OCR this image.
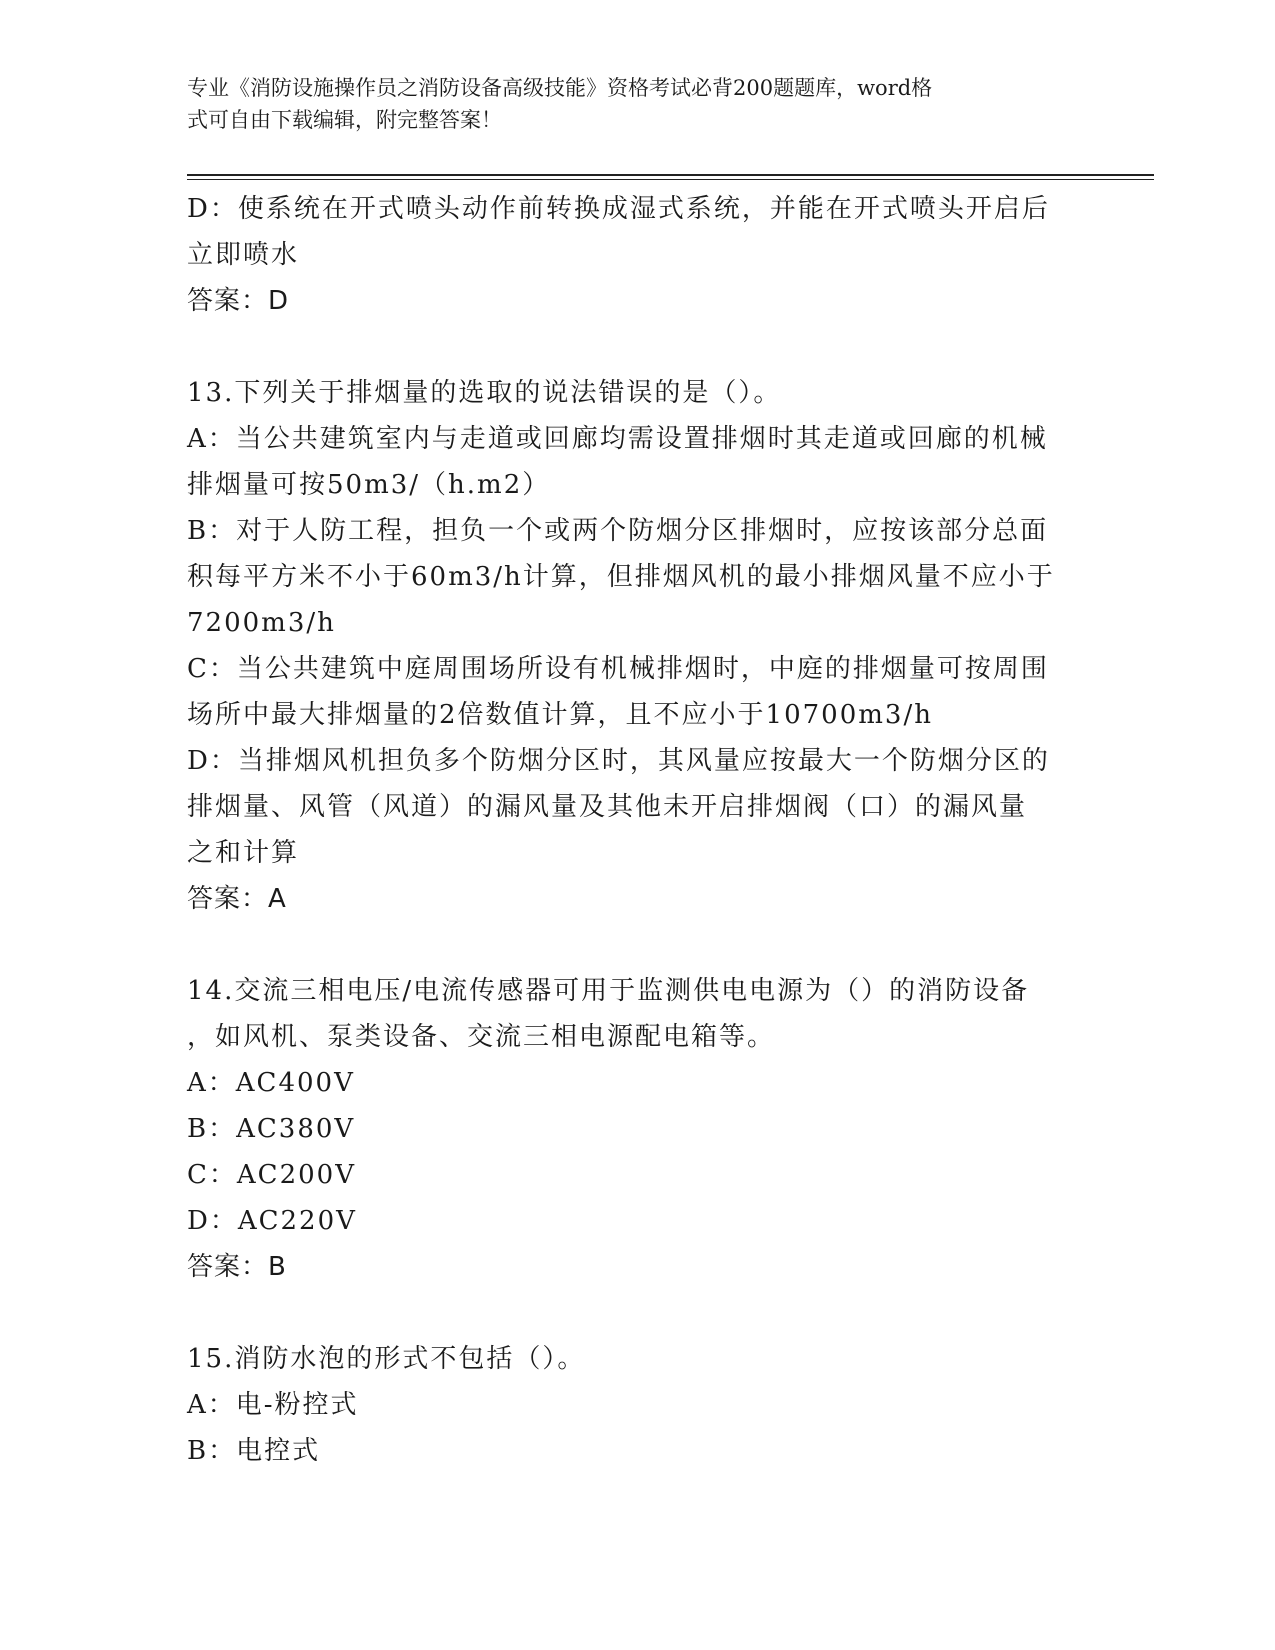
专业《消防设施操作员之消防设备高级技能》资格考试必背200题题库，word格
式可自由下载编辑，附完整答案！
D：使系统在开式喷头动作前转换成湿式系统，并能在开式喷头开启后
立即喷水
答案：D
13.下列关于排烟量的选取的说法错误的是（）。
A：当公共建筑室内与走道或回廊均需设置排烟时其走道或回廊的机械
排烟量可按50m3/（h.m2）
B：对于人防工程，担负一个或两个防烟分区排烟时，应按该部分总面
积每平方米不小于60m3/h计算，但排烟风机的最小排烟风量不应小于
7200m3/h
C：当公共建筑中庭周围场所设有机械排烟时，中庭的排烟量可按周围
场所中最大排烟量的2倍数值计算，且不应小于10700m3/h
D：当排烟风机担负多个防烟分区时，其风量应按最大一个防烟分区的
排烟量、风管（风道）的漏风量及其他未开启排烟阀（口）的漏风量
之和计算
答案：A
14.交流三相电压/电流传感器可用于监测供电电源为（）的消防设备
，如风机、泵类设备、交流三相电源配电箱等。
A：AC400V
B：AC380V
C：AC200V
D：AC220V
答案：B
15.消防水泡的形式不包括（）。
A：电-粉控式
B：电控式
